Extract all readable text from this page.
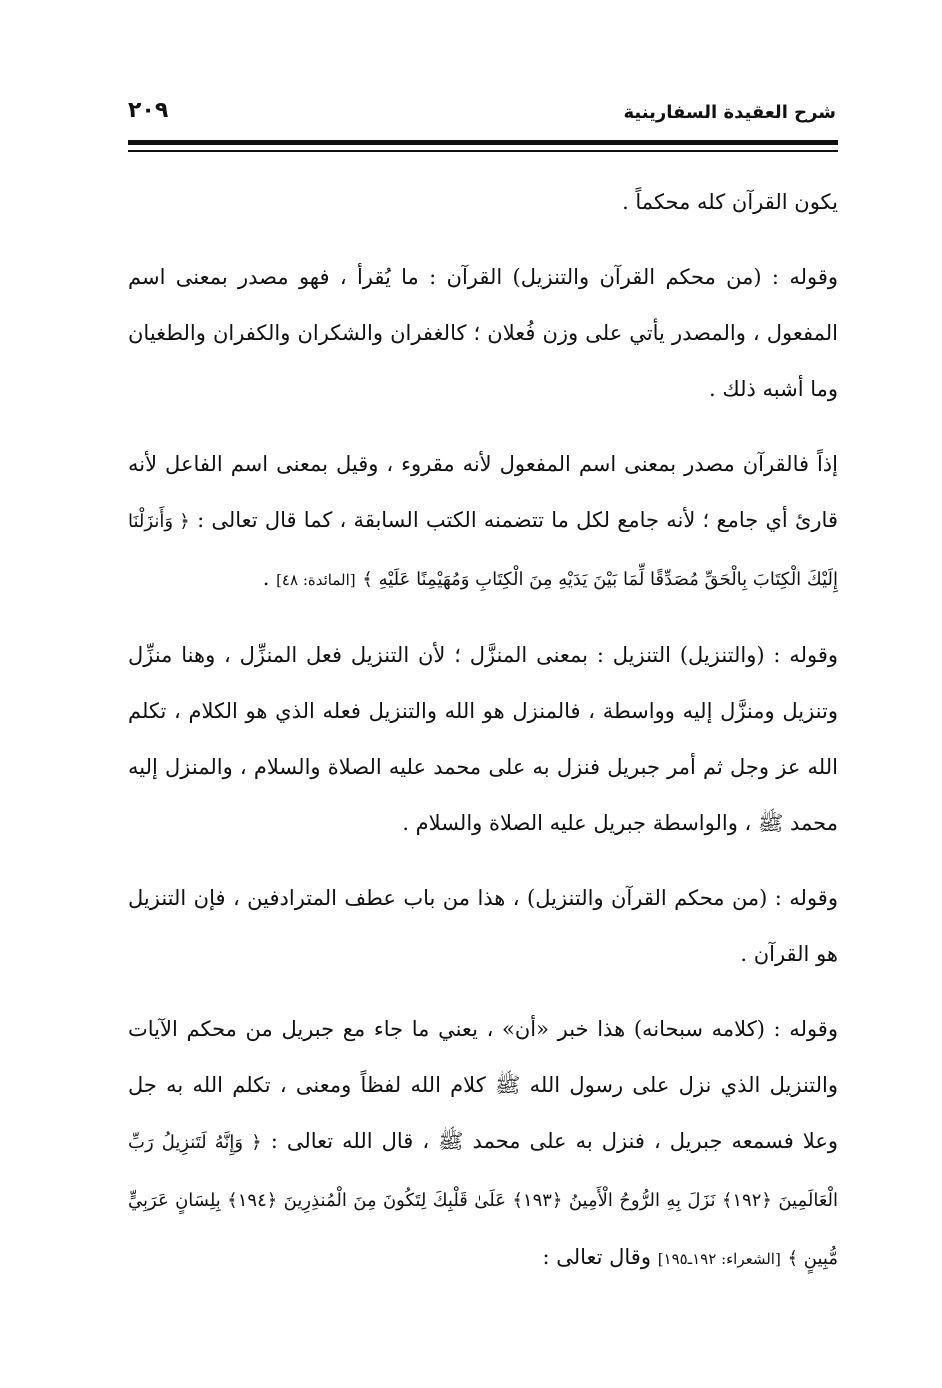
شرح العقيدة السفارينية
٢٠٩

يكون القرآن كله محكماً .

وقوله : (من محكم القرآن والتنزيل) القرآن : ما يُقرأ ، فهو مصدر بمعنى اسم المفعول ، والمصدر يأتي على وزن فُعلان ؛ كالغفران والشكران والكفران والطغيان وما أشبه ذلك .

إذاً فالقرآن مصدر بمعنى اسم المفعول لأنه مقروء ، وقيل بمعنى اسم الفاعل لأنه قارئ أي جامع ؛ لأنه جامع لكل ما تتضمنه الكتب السابقة ، كما قال تعالى : ﴿ وَأَنزَلْنَا إِلَيْكَ الْكِتَابَ بِالْحَقِّ مُصَدِّقًا لِّمَا بَيْنَ يَدَيْهِ مِنَ الْكِتَابِ وَمُهَيْمِنًا عَلَيْهِ ﴾ [المائدة: ٤٨] .

وقوله : (والتنزيل) التنزيل : بمعنى المنزَّل ؛ لأن التنزيل فعل المنزِّل ، وهنا منزِّل وتنزيل ومنزَّل إليه وواسطة ، فالمنزل هو الله والتنزيل فعله الذي هو الكلام ، تكلم الله عز وجل ثم أمر جبريل فنزل به على محمد عليه الصلاة والسلام ، والمنزل إليه محمد ﷺ ، والواسطة جبريل عليه الصلاة والسلام .

وقوله : (من محكم القرآن والتنزيل) ، هذا من باب عطف المترادفين ، فإن التنزيل هو القرآن .

وقوله : (كلامه سبحانه) هذا خبر «أن» ، يعني ما جاء مع جبريل من محكم الآيات والتنزيل الذي نزل على رسول الله ﷺ كلام الله لفظاً ومعنى ، تكلم الله به جل وعلا فسمعه جبريل ، فنزل به على محمد ﷺ ، قال الله تعالى : ﴿ وَإِنَّهُ لَتَنزِيلُ رَبِّ الْعَالَمِينَ ﴿١٩٢﴾ نَزَلَ بِهِ الرُّوحُ الْأَمِينُ ﴿١٩٣﴾ عَلَىٰ قَلْبِكَ لِتَكُونَ مِنَ الْمُنذِرِينَ ﴿١٩٤﴾ بِلِسَانٍ عَرَبِيٍّ مُّبِينٍ ﴾ [الشعراء: ١٩٢ـ١٩٥] وقال تعالى :
